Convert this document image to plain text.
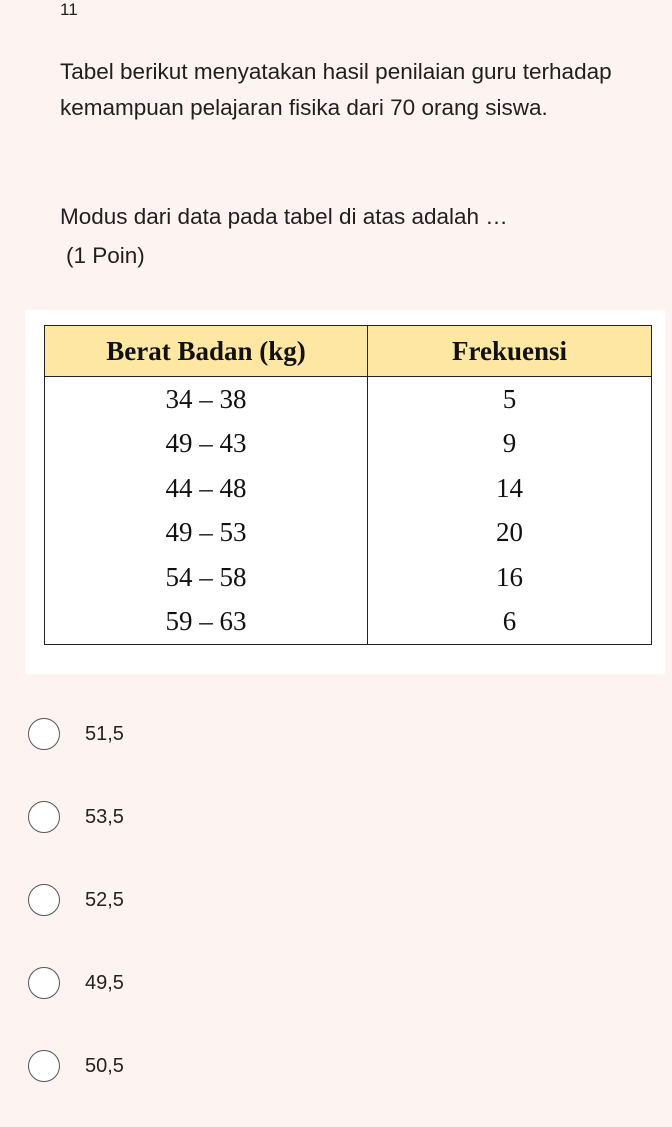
11

Tabel berikut menyatakan hasil penilaian guru terhadap kemampuan pelajaran fisika dari 70 orang siswa.

Modus dari data pada tabel di atas adalah …

(1 Poin)
Berat Badan (kg)	Frekuensi
34 – 38	5
49 – 43	9
44 – 48	14
49 – 53	20
54 – 58	16
59 – 63	6
51,5
53,5
52,5
49,5
50,5
